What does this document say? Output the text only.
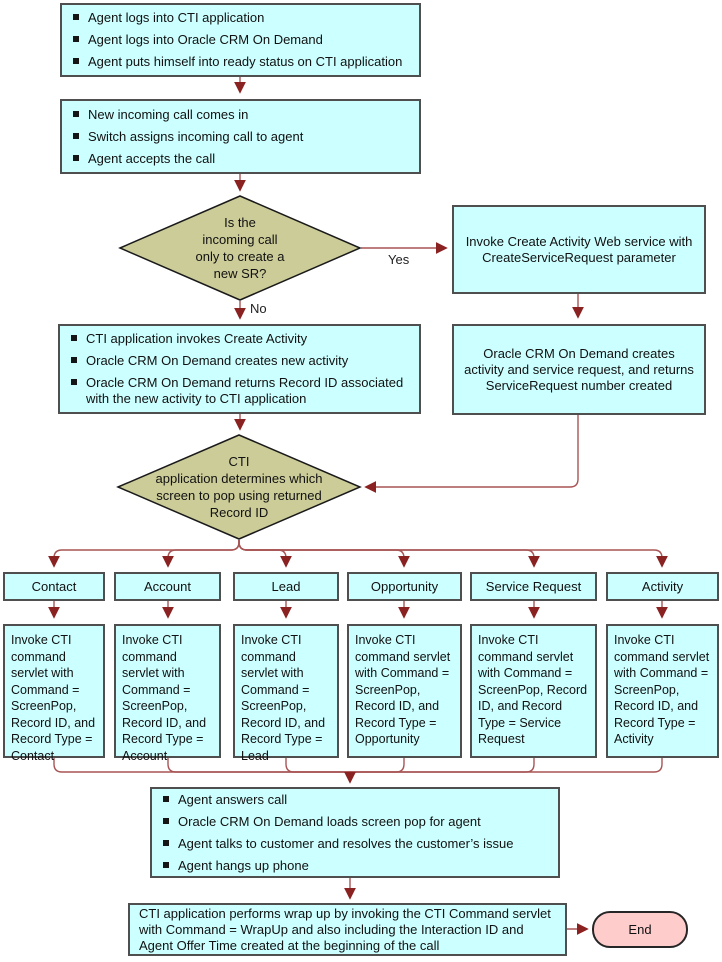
Agent logs into CTI application
Agent logs into Oracle CRM On Demand
Agent puts himself into ready status on CTI application
New incoming call comes in
Switch assigns incoming call to agent
Agent accepts the call
Is the
incoming call
only to create a
new SR?
Yes
No
Invoke Create Activity Web service with CreateServiceRequest parameter
Oracle CRM On Demand creates activity and service request, and returns ServiceRequest number created
CTI application invokes Create Activity
Oracle CRM On Demand creates new activity
Oracle CRM On Demand returns Record ID associated with the new activity to CTI application
CTI
application determines which
screen to pop using returned
Record ID
Contact	Account	Lead	Opportunity	Service Request	Activity
Invoke CTI command servlet with Command = ScreenPop, Record ID, and Record Type = Contact
Invoke CTI command servlet with Command = ScreenPop, Record ID, and Record Type = Account
Invoke CTI command servlet with Command = ScreenPop, Record ID, and Record Type = Lead
Invoke CTI command servlet with Command = ScreenPop, Record ID, and Record Type = Opportunity
Invoke CTI command servlet with Command = ScreenPop, Record ID, and Record Type = Service Request
Invoke CTI command servlet with Command = ScreenPop, Record ID, and Record Type = Activity
Agent answers call
Oracle CRM On Demand loads screen pop for agent
Agent talks to customer and resolves the customer’s issue
Agent hangs up phone
CTI application performs wrap up by invoking the CTI Command servlet with Command = WrapUp and also including the Interaction ID and Agent Offer Time created at the beginning of the call
End
